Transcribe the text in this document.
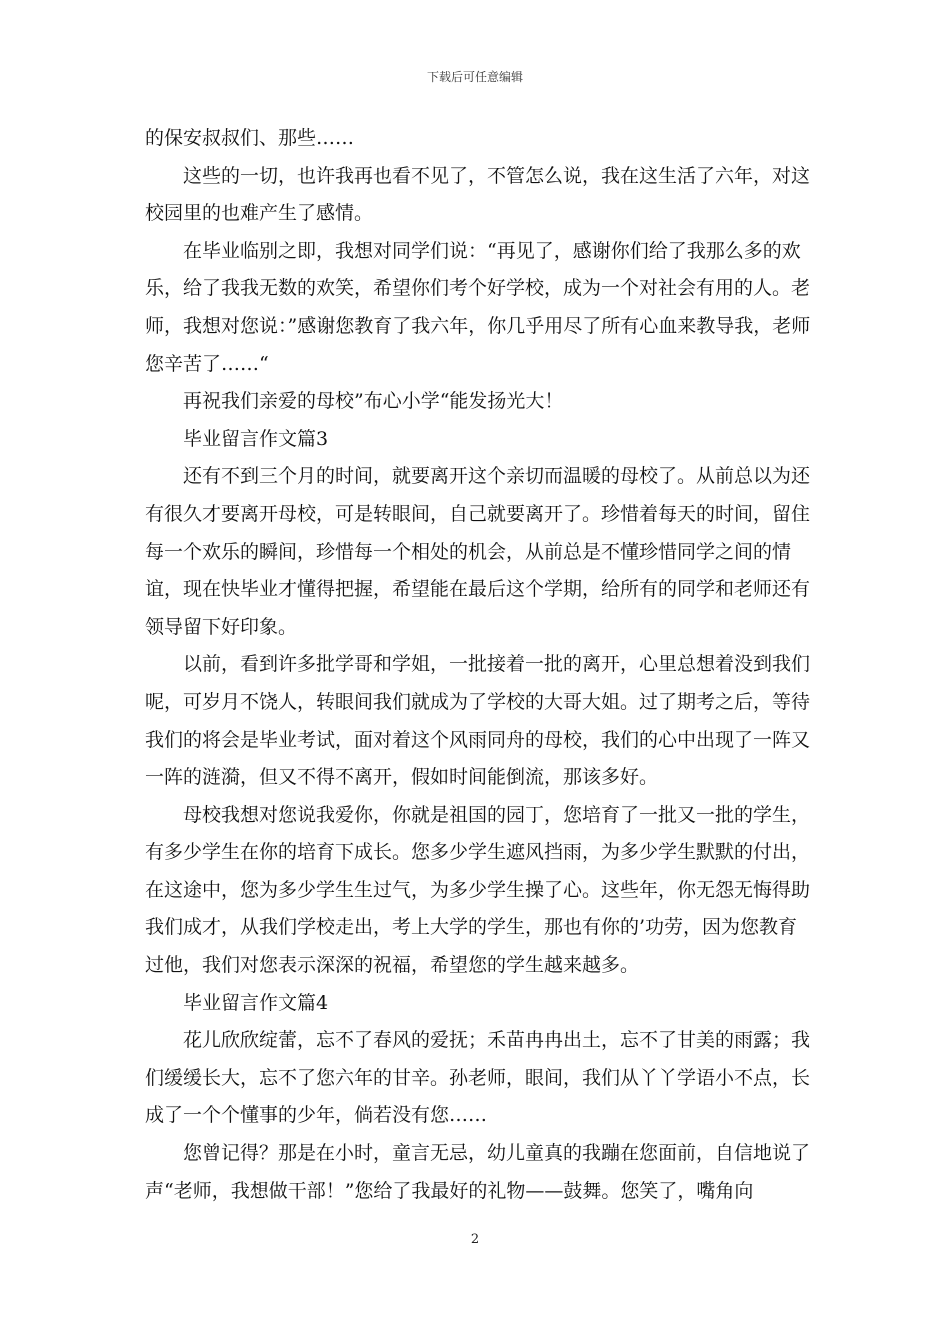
下载后可任意编辑

的保安叔叔们、那些……

这些的一切，也许我再也看不见了，不管怎么说，我在这生活了六年，对这校园里的也难产生了感情。

在毕业临别之即，我想对同学们说：“再见了，感谢你们给了我那么多的欢乐，给了我我无数的欢笑，希望你们考个好学校，成为一个对社会有用的人。老师，我想对您说：”感谢您教育了我六年，你几乎用尽了所有心血来教导我，老师您辛苦了……“

再祝我们亲爱的母校”布心小学“能发扬光大！

毕业留言作文篇3

还有不到三个月的时间，就要离开这个亲切而温暖的母校了。从前总以为还有很久才要离开母校，可是转眼间，自己就要离开了。珍惜着每天的时间，留住每一个欢乐的瞬间，珍惜每一个相处的机会，从前总是不懂珍惜同学之间的情谊，现在快毕业才懂得把握，希望能在最后这个学期，给所有的同学和老师还有领导留下好印象。

以前，看到许多批学哥和学姐，一批接着一批的离开，心里总想着没到我们呢，可岁月不饶人，转眼间我们就成为了学校的大哥大姐。过了期考之后，等待我们的将会是毕业考试，面对着这个风雨同舟的母校，我们的心中出现了一阵又一阵的涟漪，但又不得不离开，假如时间能倒流，那该多好。

母校我想对您说我爱你，你就是祖国的园丁，您培育了一批又一批的学生，有多少学生在你的培育下成长。您多少学生遮风挡雨，为多少学生默默的付出，在这途中，您为多少学生生过气，为多少学生操了心。这些年，你无怨无悔得助我们成才，从我们学校走出，考上大学的学生，那也有你的’功劳，因为您教育过他，我们对您表示深深的祝福，希望您的学生越来越多。

毕业留言作文篇4

花儿欣欣绽蕾，忘不了春风的爱抚；禾苗冉冉出土，忘不了甘美的雨露；我们缓缓长大，忘不了您六年的甘辛。孙老师，眼间，我们从丫丫学语小不点，长成了一个个懂事的少年，倘若没有您……

您曾记得？那是在小时，童言无忌，幼儿童真的我蹦在您面前，自信地说了声“老师，我想做干部！”您给了我最好的礼物——鼓舞。您笑了，嘴角向

2
